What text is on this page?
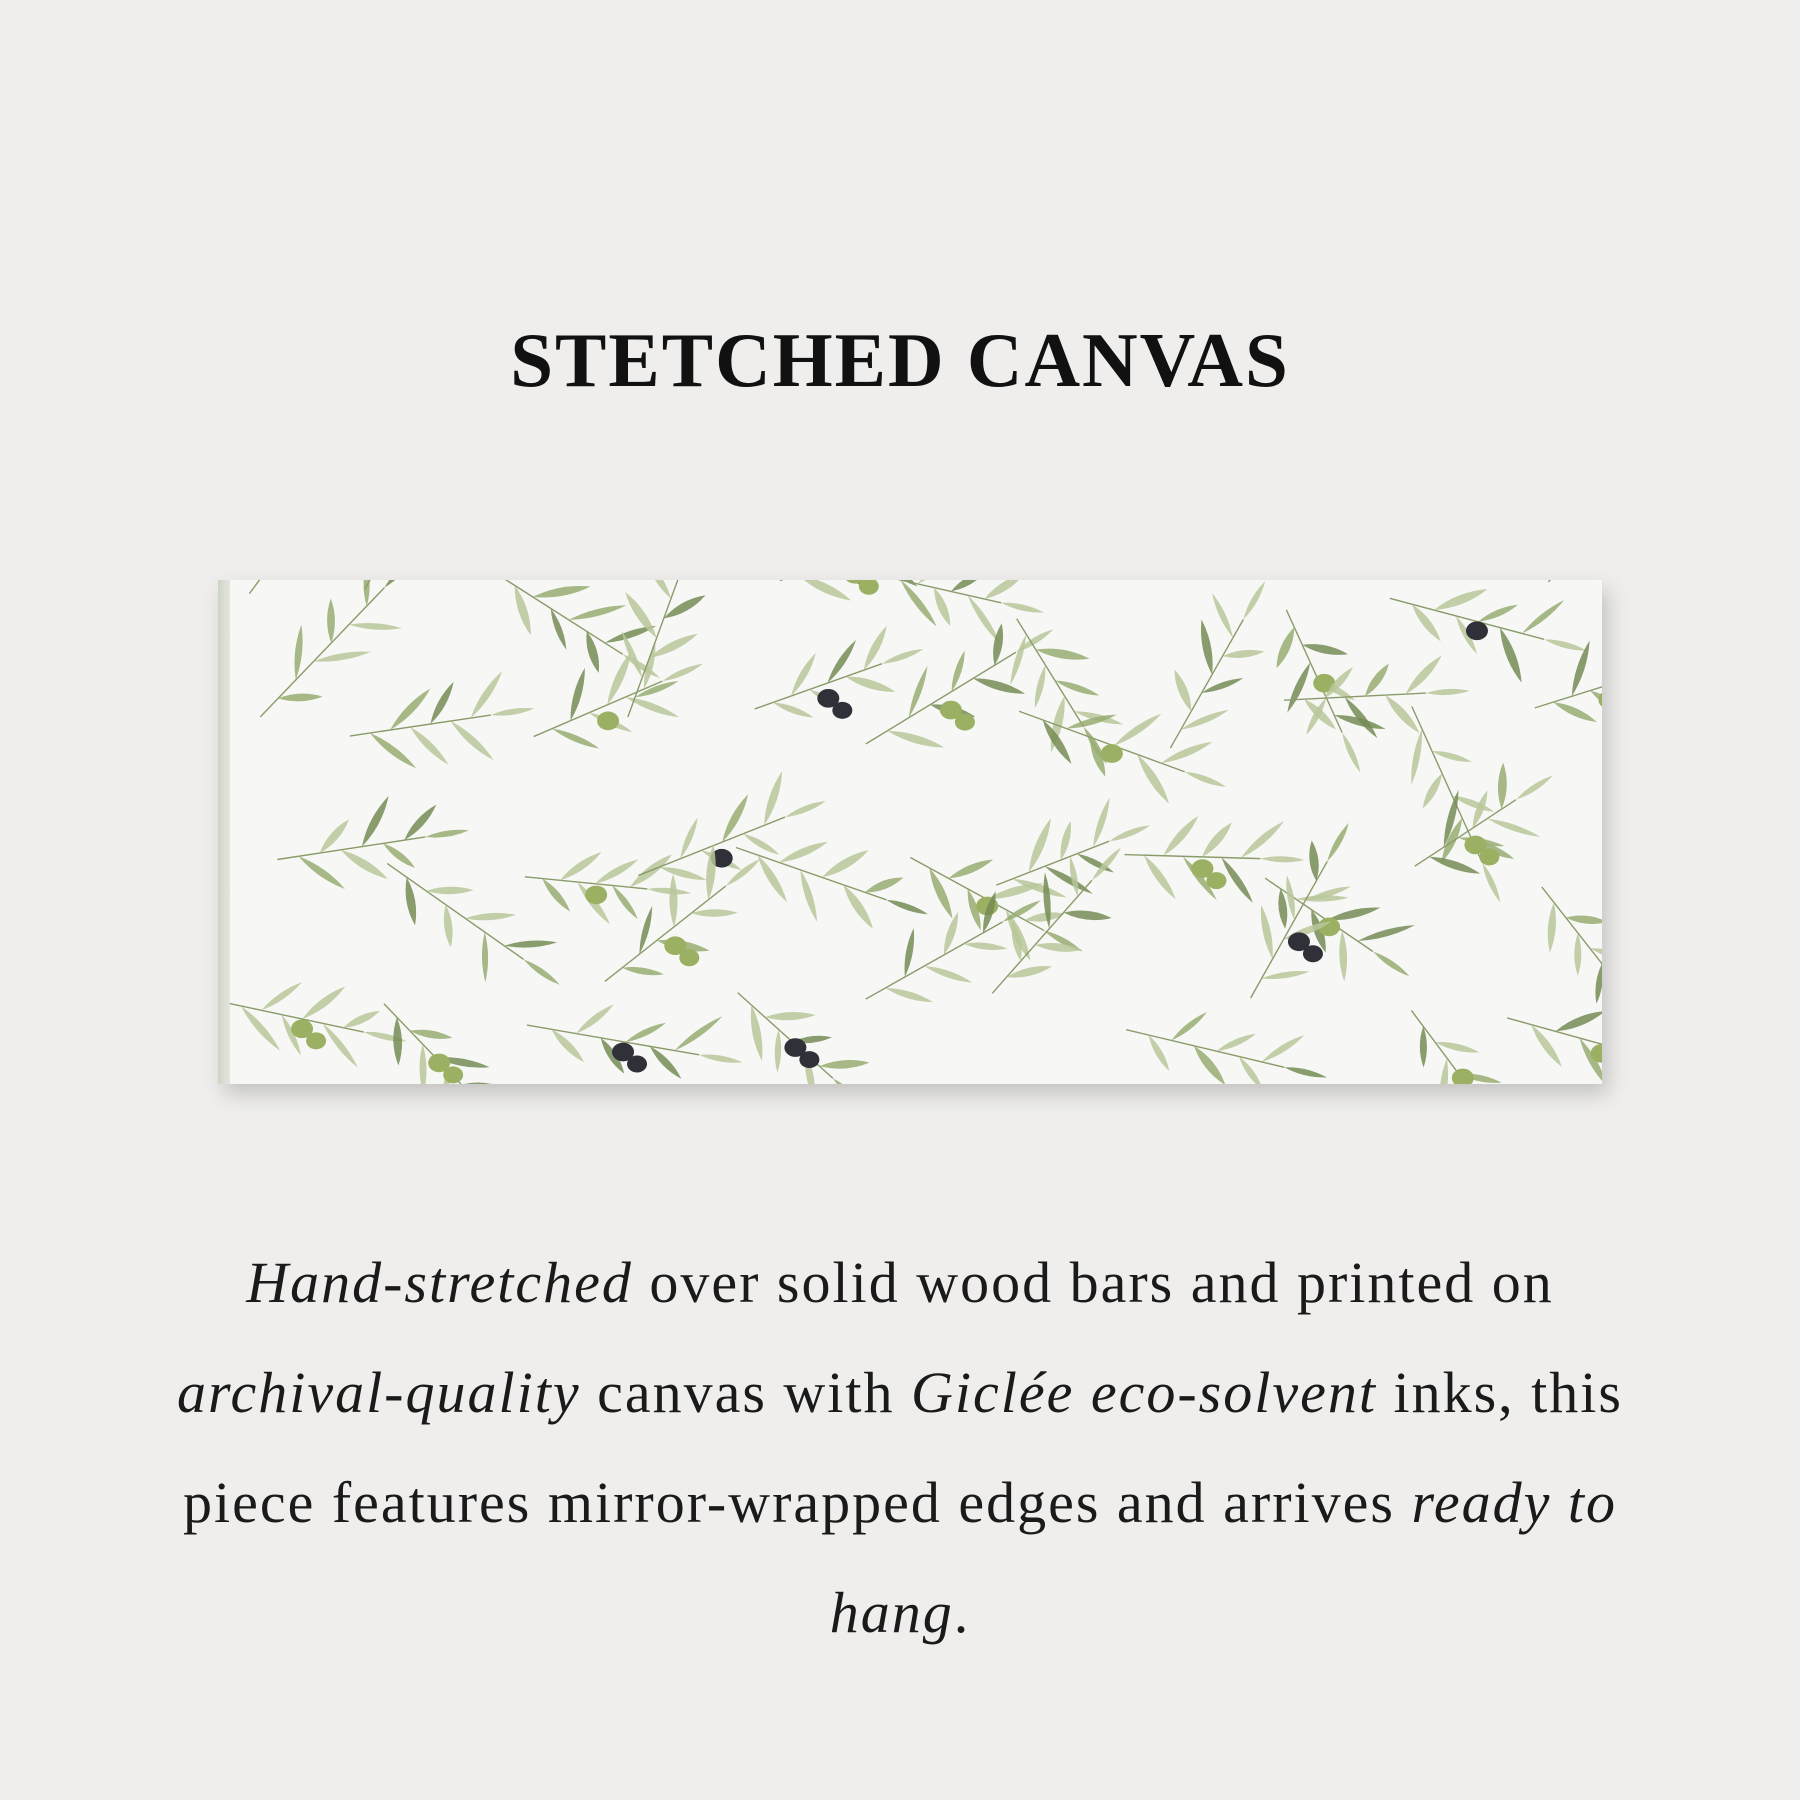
STETCHED CANVAS

Hand-stretched over solid wood bars and printed on archival-quality canvas with Giclée eco-solvent inks, this piece features mirror-wrapped edges and arrives ready to hang.
